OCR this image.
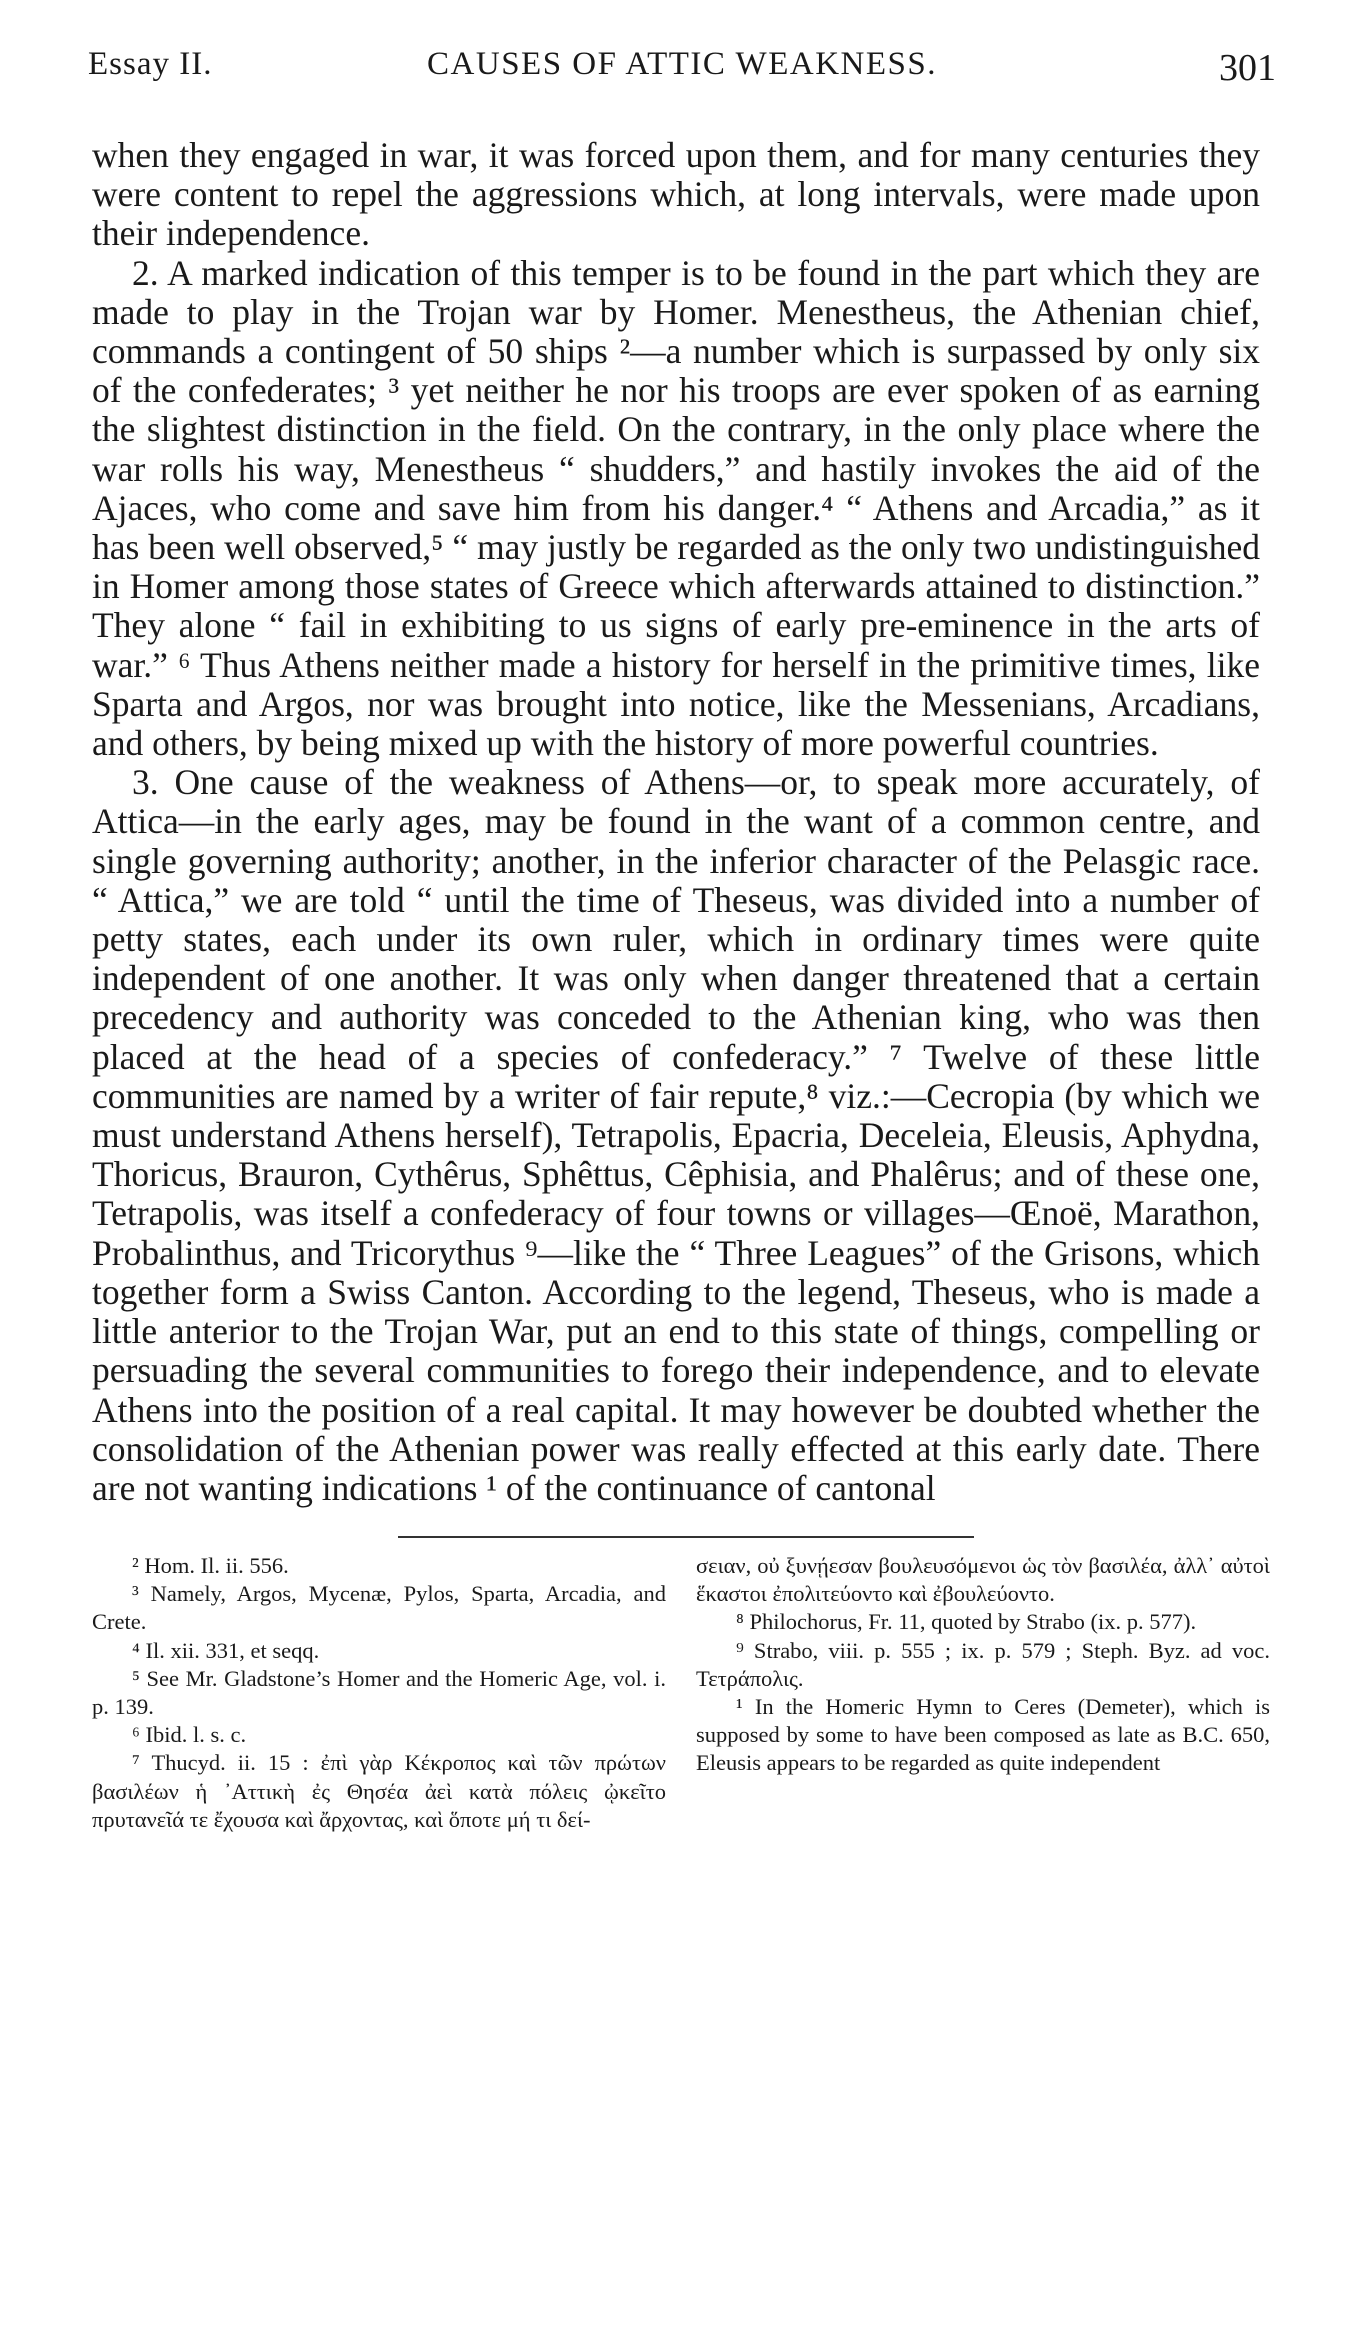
Essay II.	CAUSES OF ATTIC WEAKNESS.	301

when they engaged in war, it was forced upon them, and for many centuries they were content to repel the aggressions which, at long intervals, were made upon their independence.

2. A marked indication of this temper is to be found in the part which they are made to play in the Trojan war by Homer. Menestheus, the Athenian chief, commands a contingent of 50 ships ²—a number which is surpassed by only six of the confederates; ³ yet neither he nor his troops are ever spoken of as earning the slightest distinction in the field. On the contrary, in the only place where the war rolls his way, Menestheus “ shudders,” and hastily invokes the aid of the Ajaces, who come and save him from his danger.⁴ “ Athens and Arcadia,” as it has been well observed,⁵ “ may justly be regarded as the only two undistinguished in Homer among those states of Greece which afterwards attained to distinction.” They alone “ fail in exhibiting to us signs of early pre-eminence in the arts of war.” ⁶ Thus Athens neither made a history for herself in the primitive times, like Sparta and Argos, nor was brought into notice, like the Messenians, Arcadians, and others, by being mixed up with the history of more powerful countries.

3. One cause of the weakness of Athens—or, to speak more accurately, of Attica—in the early ages, may be found in the want of a common centre, and single governing authority; another, in the inferior character of the Pelasgic race. “ Attica,” we are told “ until the time of Theseus, was divided into a number of petty states, each under its own ruler, which in ordinary times were quite independent of one another. It was only when danger threatened that a certain precedency and authority was conceded to the Athenian king, who was then placed at the head of a species of confederacy.” ⁷ Twelve of these little communities are named by a writer of fair repute,⁸ viz.:—Cecropia (by which we must understand Athens herself), Tetrapolis, Epacria, Deceleia, Eleusis, Aphydna, Thoricus, Brauron, Cythêrus, Sphêttus, Cêphisia, and Phalêrus; and of these one, Tetrapolis, was itself a confederacy of four towns or villages—Œnoë, Marathon, Probalinthus, and Tricorythus ⁹—like the “ Three Leagues” of the Grisons, which together form a Swiss Canton. According to the legend, Theseus, who is made a little anterior to the Trojan War, put an end to this state of things, compelling or persuading the several communities to forego their independence, and to elevate Athens into the position of a real capital. It may however be doubted whether the consolidation of the Athenian power was really effected at this early date. There are not wanting indications ¹ of the continuance of cantonal

² Hom. Il. ii. 556.

³ Namely, Argos, Mycenæ, Pylos, Sparta, Arcadia, and Crete.

⁴ Il. xii. 331, et seqq.

⁵ See Mr. Gladstone’s Homer and the Homeric Age, vol. i. p. 139.

⁶ Ibid. l. s. c.

⁷ Thucyd. ii. 15 : ἐπὶ γὰρ Κέκροπος καὶ τῶν πρώτων βασιλέων ἡ ᾿Αττικὴ ἐς Θησέα ἀεὶ κατὰ πόλεις ᾠκεῖτο πρυτανεῖά τε ἔχουσα καὶ ἄρχοντας, καὶ ὅποτε μή τι δεί-

σειαν, οὐ ξυνῄεσαν βουλευσόμενοι ὡς τὸν βασιλέα, ἀλλ᾿ αὐτοὶ ἕκαστοι ἐπολιτεύοντο καὶ ἐβουλεύοντο.

⁸ Philochorus, Fr. 11, quoted by Strabo (ix. p. 577).

⁹ Strabo, viii. p. 555 ; ix. p. 579 ; Steph. Byz. ad voc. Τετράπολις.

¹ In the Homeric Hymn to Ceres (Demeter), which is supposed by some to have been composed as late as B.C. 650, Eleusis appears to be regarded as quite independent
